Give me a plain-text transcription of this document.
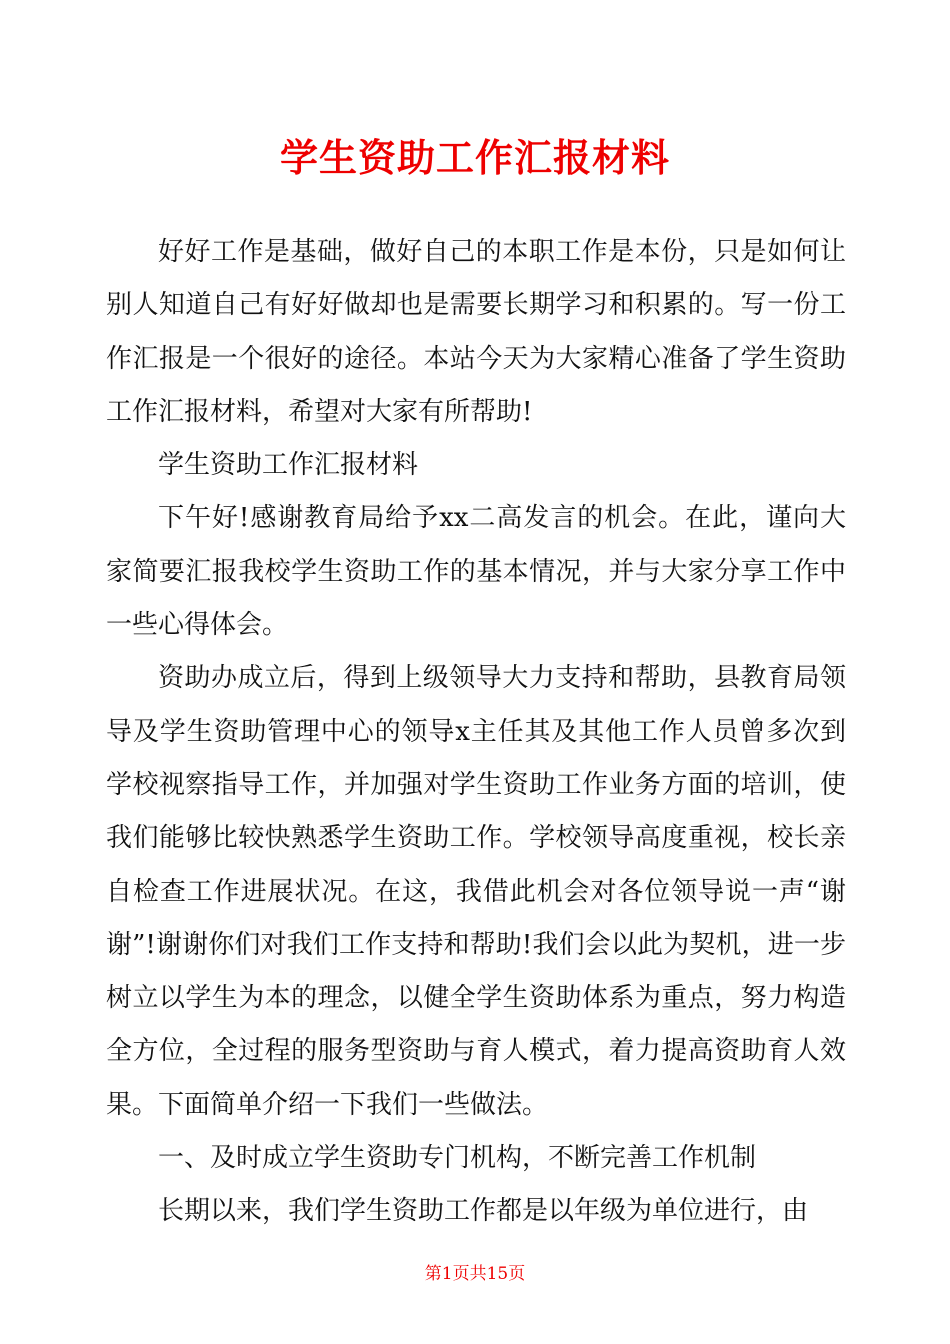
学生资助工作汇报材料

好好工作是基础，做好自己的本职工作是本份，只是如何让别人知道自己有好好做却也是需要长期学习和积累的。写一份工作汇报是一个很好的途径。本站今天为大家精心准备了学生资助工作汇报材料，希望对大家有所帮助!

学生资助工作汇报材料

下午好!感谢教育局给予xx二高发言的机会。在此，谨向大家简要汇报我校学生资助工作的基本情况，并与大家分享工作中一些心得体会。

资助办成立后，得到上级领导大力支持和帮助，县教育局领导及学生资助管理中心的领导x主任其及其他工作人员曾多次到学校视察指导工作，并加强对学生资助工作业务方面的培训，使我们能够比较快熟悉学生资助工作。学校领导高度重视，校长亲自检查工作进展状况。在这，我借此机会对各位领导说一声“谢谢”!谢谢你们对我们工作支持和帮助!我们会以此为契机，进一步树立以学生为本的理念，以健全学生资助体系为重点，努力构造全方位，全过程的服务型资助与育人模式，着力提高资助育人效果。下面简单介绍一下我们一些做法。

一、及时成立学生资助专门机构，不断完善工作机制

长期以来，我们学生资助工作都是以年级为单位进行，由

第1页共15页
